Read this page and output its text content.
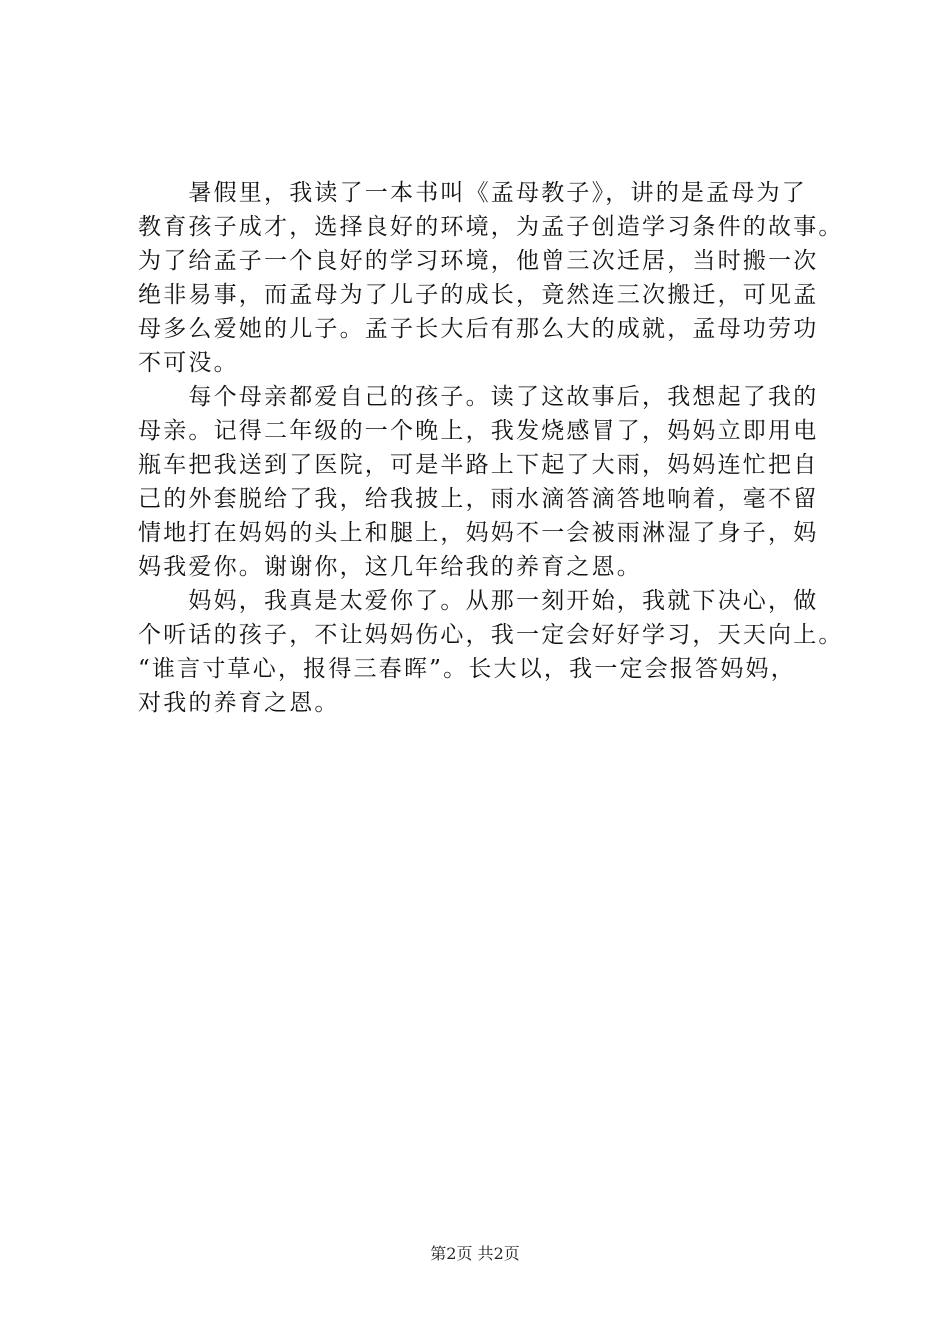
　　暑假里，我读了一本书叫《孟母教子》，讲的是孟母为了
教育孩子成才，选择良好的环境，为孟子创造学习条件的故事。
为了给孟子一个良好的学习环境，他曾三次迁居，当时搬一次
绝非易事，而孟母为了儿子的成长，竟然连三次搬迁，可见孟
母多么爱她的儿子。孟子长大后有那么大的成就，孟母功劳功
不可没。
　　每个母亲都爱自己的孩子。读了这故事后，我想起了我的
母亲。记得二年级的一个晚上，我发烧感冒了，妈妈立即用电
瓶车把我送到了医院，可是半路上下起了大雨，妈妈连忙把自
己的外套脱给了我，给我披上，雨水滴答滴答地响着，毫不留
情地打在妈妈的头上和腿上，妈妈不一会被雨淋湿了身子，妈
妈我爱你。谢谢你，这几年给我的养育之恩。
　　妈妈，我真是太爱你了。从那一刻开始，我就下决心，做
个听话的孩子，不让妈妈伤心，我一定会好好学习，天天向上。
“谁言寸草心，报得三春晖”。长大以，我一定会报答妈妈，
对我的养育之恩。
第2页 共2页
